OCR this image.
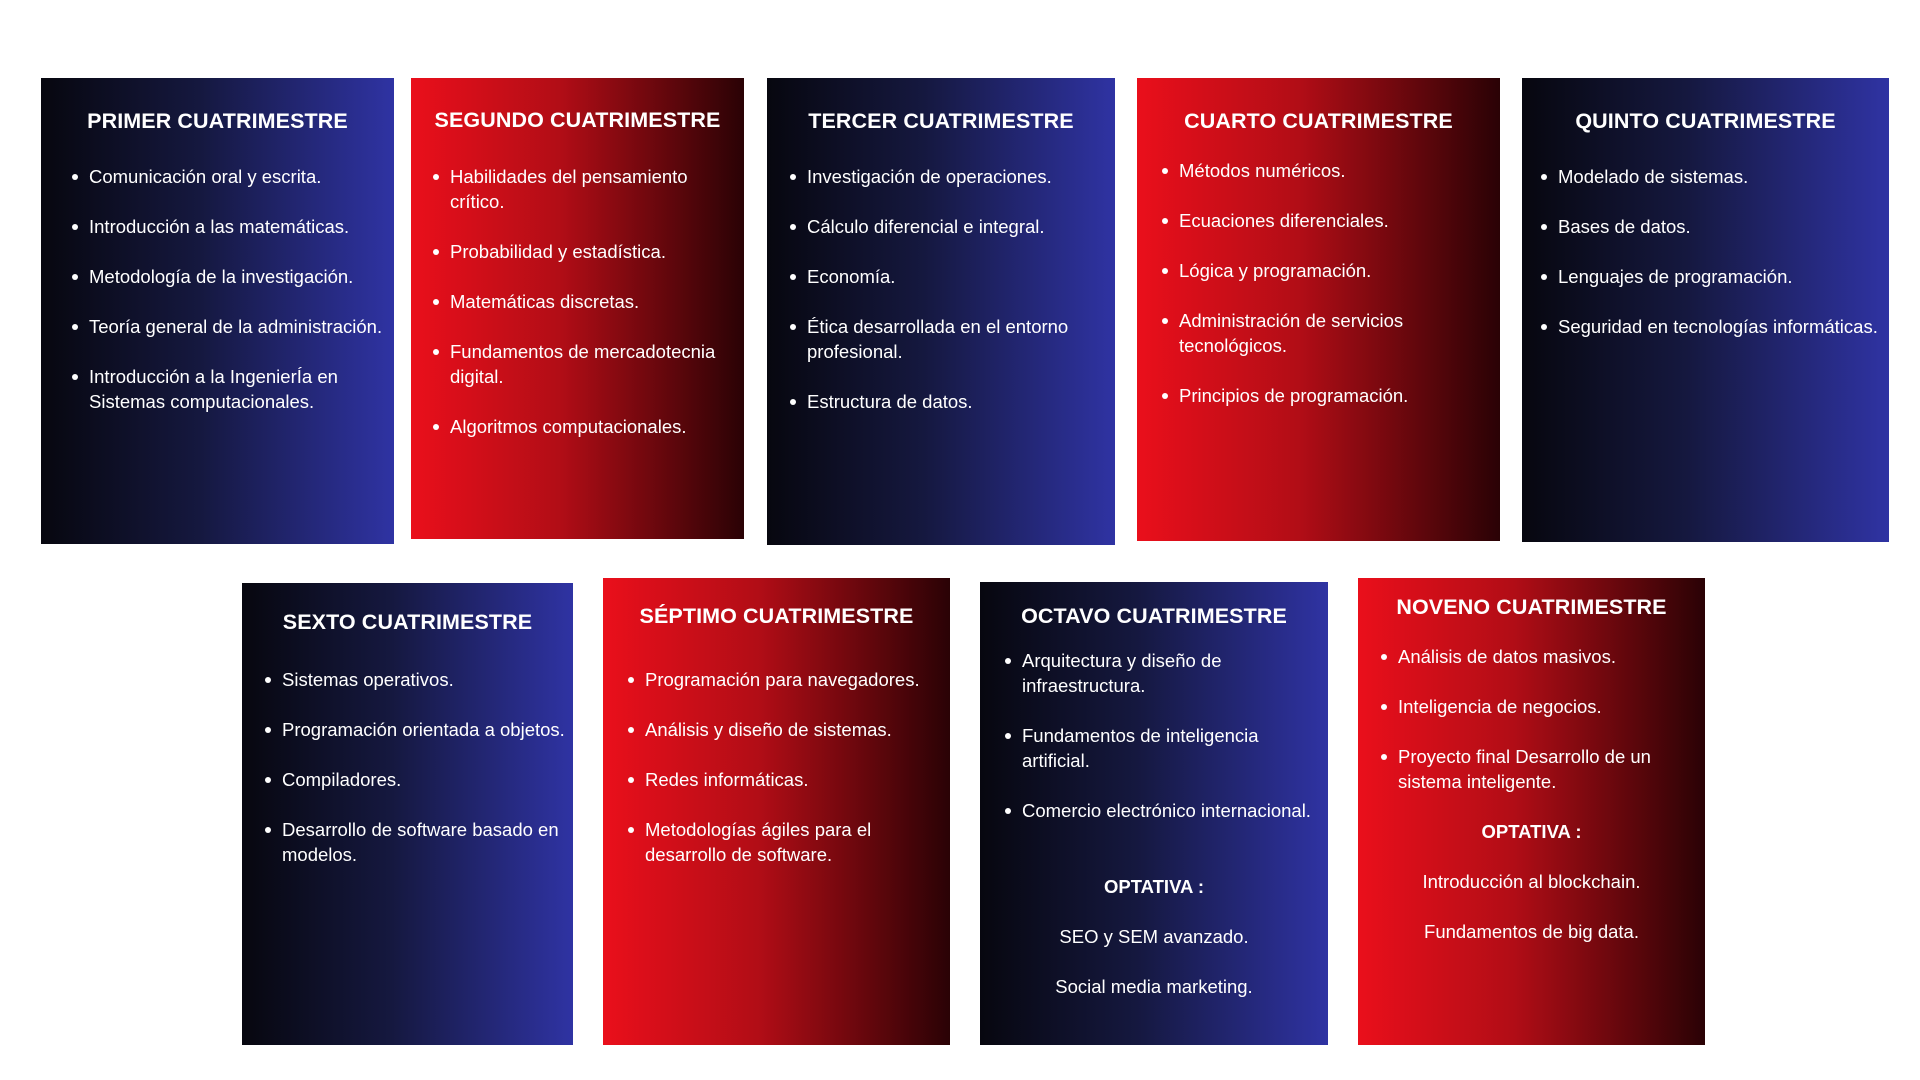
PRIMER CUATRIMESTRE
Comunicación oral y escrita.
Introducción a las matemáticas.
Metodología de la investigación.
Teoría general de la administración.
Introducción a la IngenierÍa en Sistemas computacionales.
SEGUNDO CUATRIMESTRE
Habilidades del pensamiento crítico.
Probabilidad y estadística.
Matemáticas discretas.
Fundamentos de mercadotecnia digital.
Algoritmos computacionales.
TERCER CUATRIMESTRE
Investigación de operaciones.
Cálculo diferencial e integral.
Economía.
Ética desarrollada en el entorno profesional.
Estructura de datos.
CUARTO CUATRIMESTRE
Métodos numéricos.
Ecuaciones diferenciales.
Lógica y programación.
Administración de servicios tecnológicos.
Principios de programación.
QUINTO CUATRIMESTRE
Modelado de sistemas.
Bases de datos.
Lenguajes de programación.
Seguridad en tecnologías informáticas.
SEXTO CUATRIMESTRE
Sistemas operativos.
Programación orientada a objetos.
Compiladores.
Desarrollo de software basado en modelos.
SÉPTIMO CUATRIMESTRE
Programación para navegadores.
Análisis y diseño de sistemas.
Redes informáticas.
Metodologías ágiles para el desarrollo de software.
OCTAVO CUATRIMESTRE
Arquitectura y diseño de infraestructura.
Fundamentos de inteligencia artificial.
Comercio electrónico internacional.
OPTATIVA :
SEO y SEM avanzado.
Social media marketing.
NOVENO CUATRIMESTRE
Análisis de datos masivos.
Inteligencia de negocios.
Proyecto final Desarrollo de un sistema inteligente.
OPTATIVA :
Introducción al blockchain.
Fundamentos de big data.
